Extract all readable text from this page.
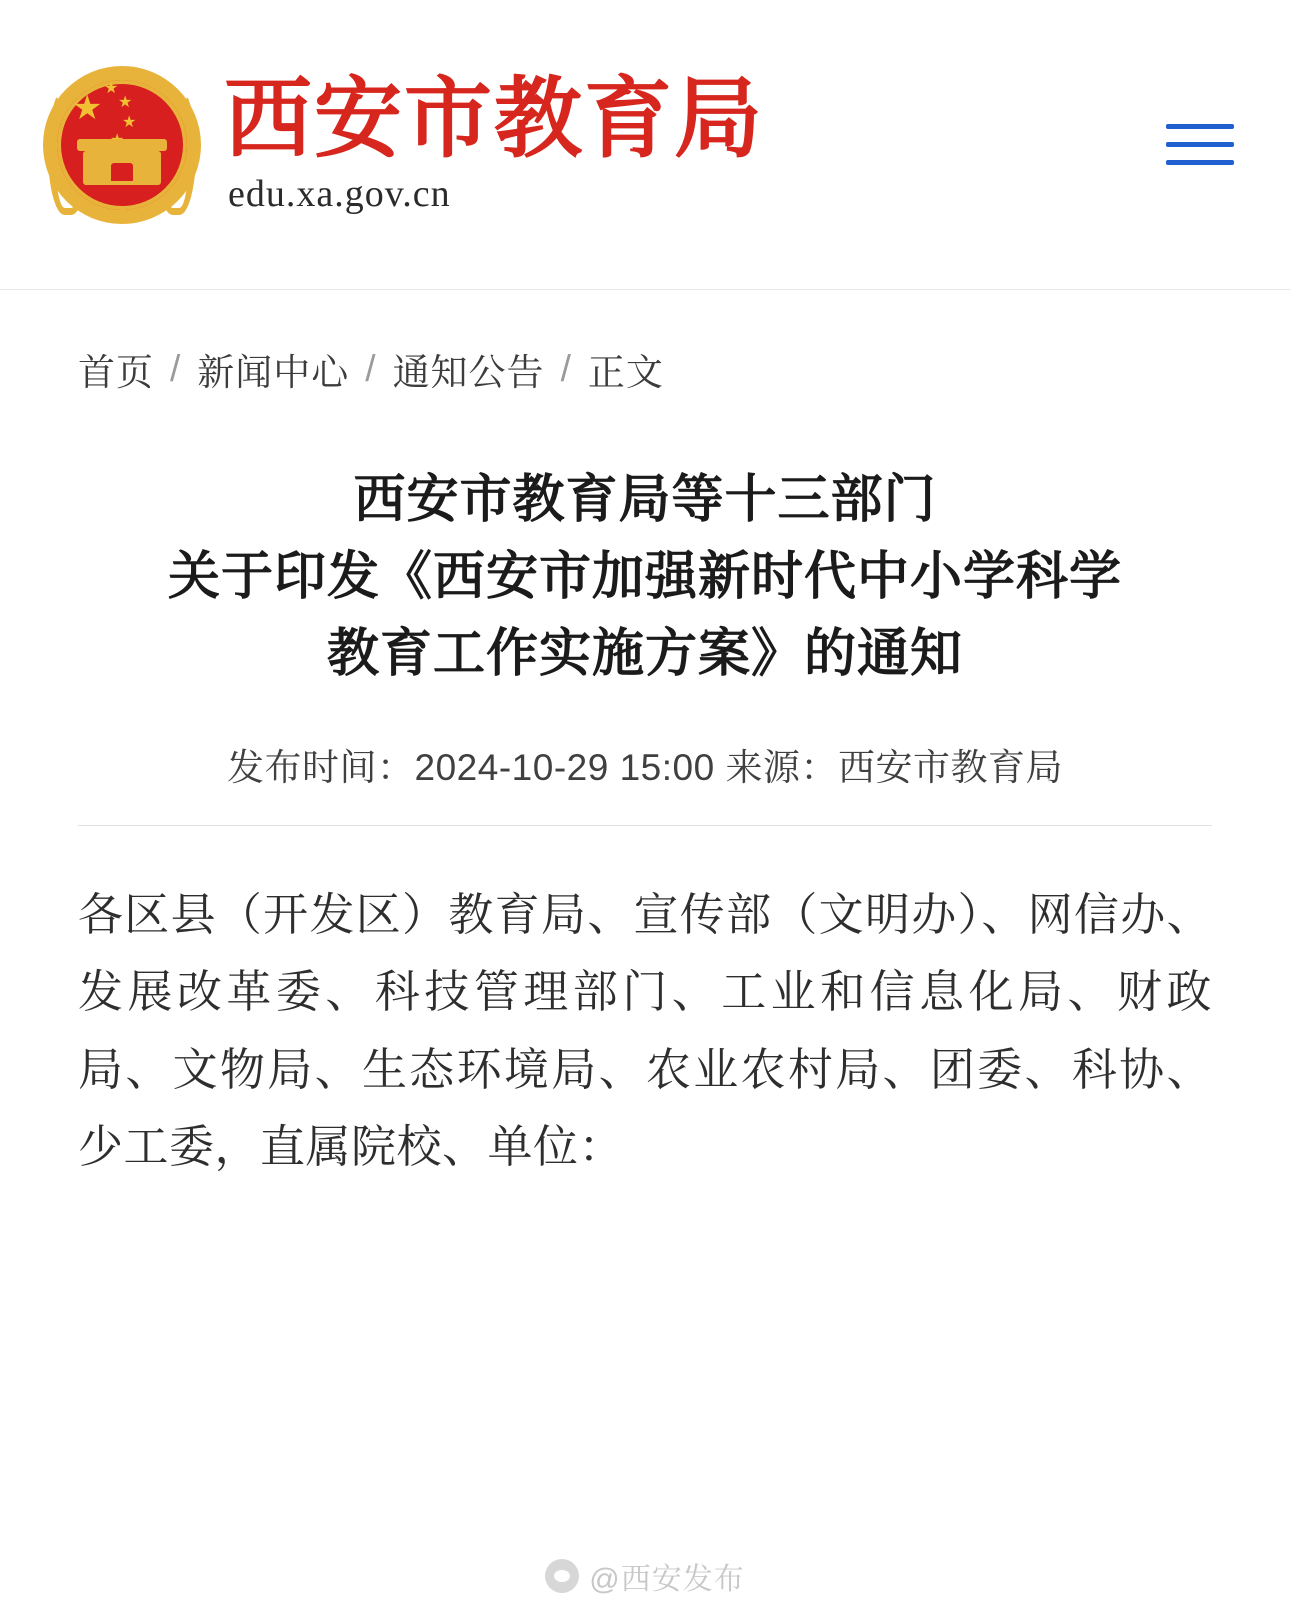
★
★
★
★ 西安市教育局
edu.xa.gov.cn
首页 / 新闻中心 / 通知公告 / 正文
西安市教育局等十三部门
关于印发《西安市加强新时代中小学科学
教育工作实施方案》的通知
发布时间：2024-10-29 15:00 来源：西安市教育局

各区县（开发区）教育局、宣传部（文明办）、网信办、发展改革委、科技管理部门、工业和信息化局、财政局、文物局、生态环境局、农业农村局、团委、科协、少工委，直属院校、单位：

@西安发布
